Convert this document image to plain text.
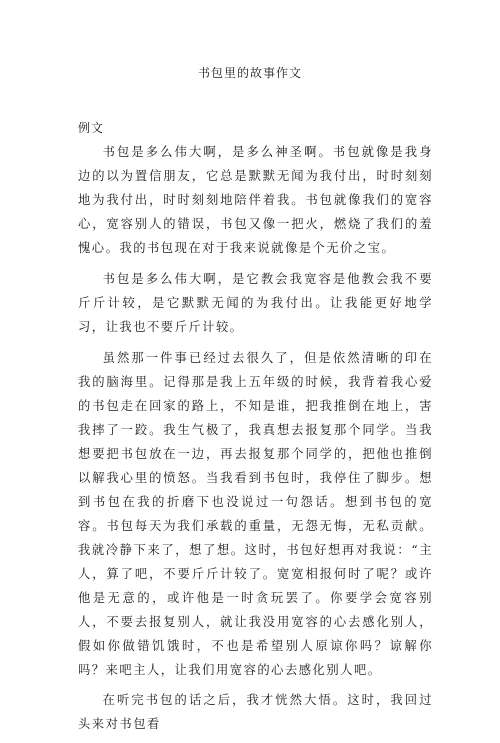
书包里的故事作文
例文

书包是多么伟大啊，是多么神圣啊。书包就像是我身边的以为置信朋友，它总是默默无闻为我付出，时时刻刻地为我付出，时时刻刻地陪伴着我。书包就像我们的宽容心，宽容别人的错误，书包又像一把火，燃烧了我们的羞愧心。我的书包现在对于我来说就像是个无价之宝。

书包是多么伟大啊，是它教会我宽容是他教会我不要斤斤计较，是它默默无闻的为我付出。让我能更好地学习，让我也不要斤斤计较。

虽然那一件事已经过去很久了，但是依然清晰的印在我的脑海里。记得那是我上五年级的时候，我背着我心爱的书包走在回家的路上，不知是谁，把我推倒在地上，害我摔了一跤。我生气极了，我真想去报复那个同学。当我想要把书包放在一边，再去报复那个同学的，把他也推倒以解我心里的愤怒。当我看到书包时，我停住了脚步。想到书包在我的折磨下也没说过一句怨话。想到书包的宽容。书包每天为我们承载的重量，无怨无悔，无私贡献。我就冷静下来了，想了想。这时，书包好想再对我说：“主人，算了吧，不要斤斤计较了。宽宽相报何时了呢？或许他是无意的，或许他是一时贪玩罢了。你要学会宽容别人，不要去报复别人，就让我没用宽容的心去感化别人，假如你做错饥饿时，不也是希望别人原谅你吗？谅解你吗？来吧主人，让我们用宽容的心去感化别人吧。

在听完书包的话之后，我才恍然大悟。这时，我回过头来对书包看
